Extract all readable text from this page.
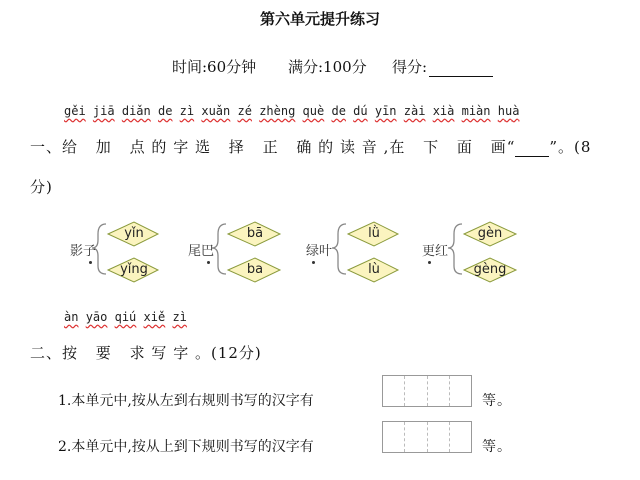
第六单元提升练习
时间:60分钟 满分:100分 得分:
gěi jiā diǎn de zì xuǎn zé zhèng què de dú yīn zài xià miàn huà
一、给 加 点 的 字 选 择 正 确 的 读 音 ,在 下 面 画“ ”。(8
分)
影子	尾巴	绿叶	更红
yǐn
yǐng
bā
ba
lǜ
lù
gèn
gèng
àn yāo qiú xiě zì
二、按 要 求 写 字 。(12分)
1.本单元中,按从左到右规则书写的汉字有	等。
2.本单元中,按从上到下规则书写的汉字有	等。
